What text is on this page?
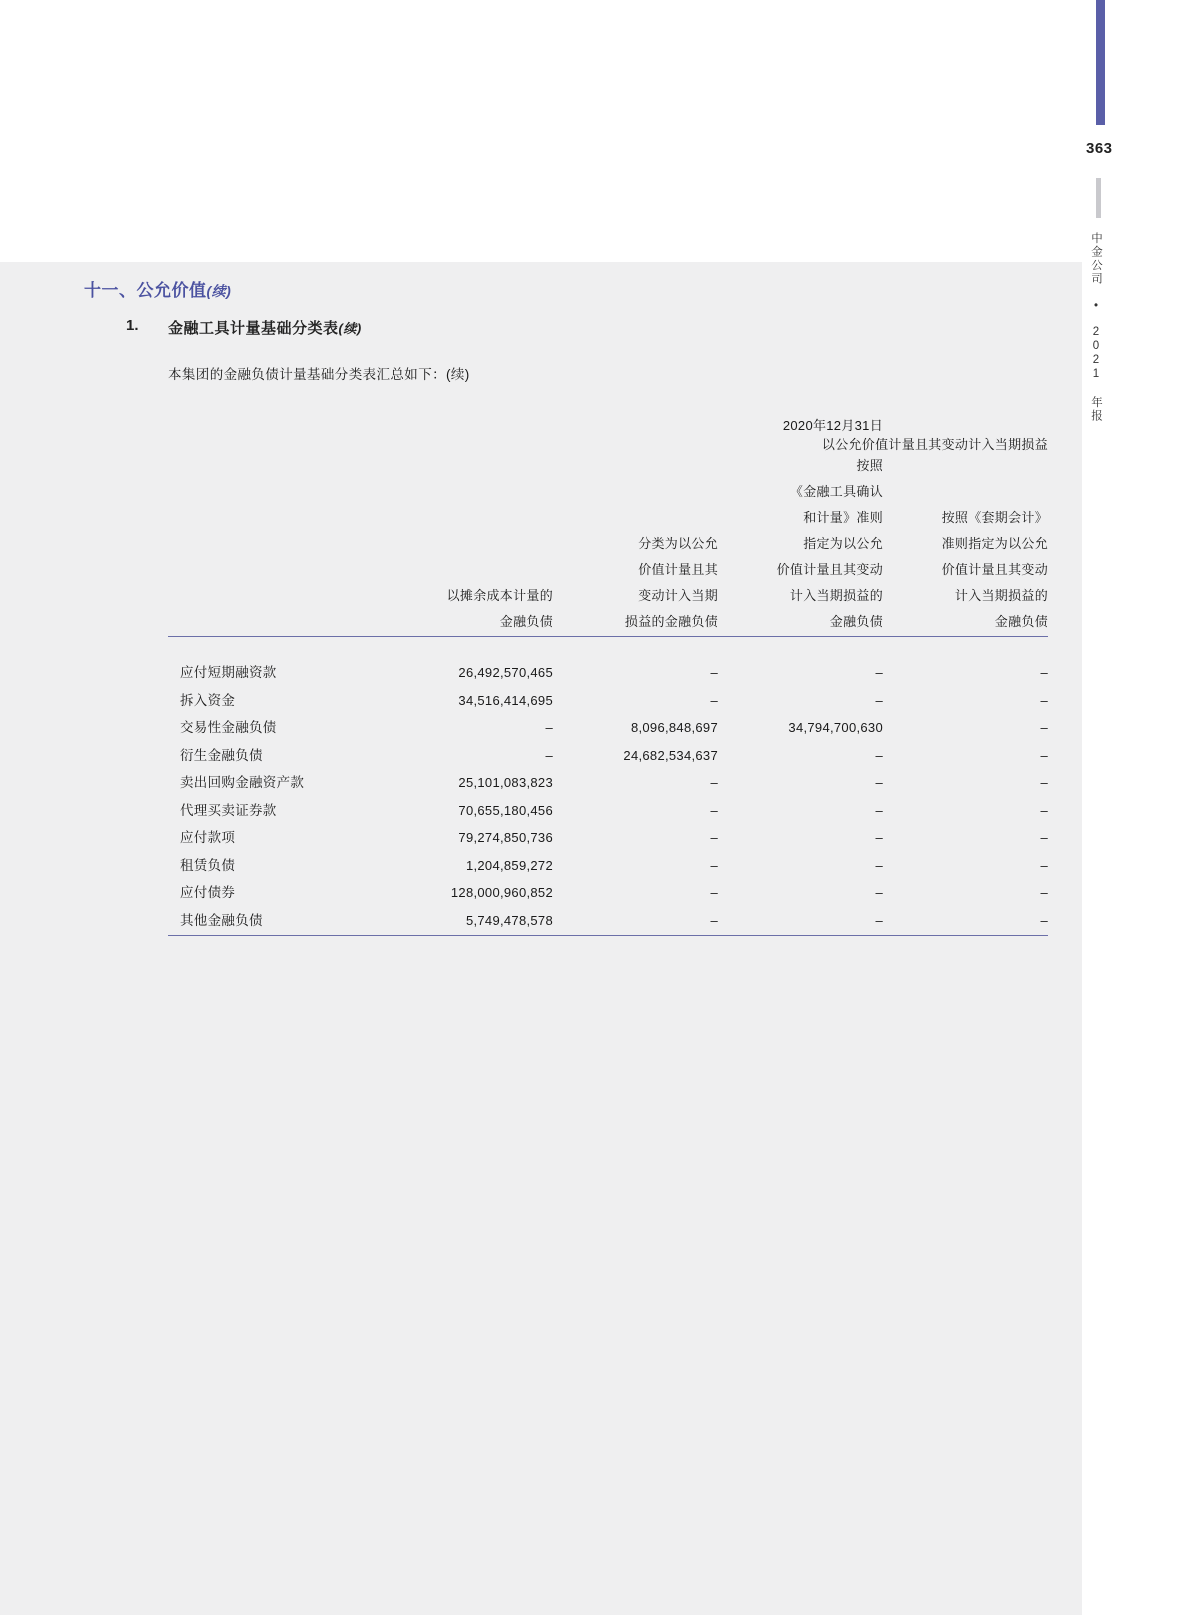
363
中金公司 • 2021 年报
十一、公允价值(续)
1. 金融工具计量基础分类表(续)
本集团的金融负债计量基础分类表汇总如下：(续)
			2020年12月31日	
			以公允价值计量且其变动计入当期损益	

以摊余成本计量的
金融负债

分类为以公允
价值计量且其
变动计入当期
损益的金融负债

按照
《金融工具确认
和计量》准则
指定为以公允
价值计量且其变动
计入当期损益的
金融负债

按照《套期会计》
准则指定为以公允
价值计量且其变动
计入当期损益的
金融负债

应付短期融资款	26,492,570,465	–	–	–
拆入资金	34,516,414,695	–	–	–
交易性金融负债	–	8,096,848,697	34,794,700,630	–
衍生金融负债	–	24,682,534,637	–	–
卖出回购金融资产款	25,101,083,823	–	–	–
代理买卖证券款	70,655,180,456	–	–	–
应付款项	79,274,850,736	–	–	–
租赁负债	1,204,859,272	–	–	–
应付债券	128,000,960,852	–	–	–
其他金融负债	5,749,478,578	–	–	–
